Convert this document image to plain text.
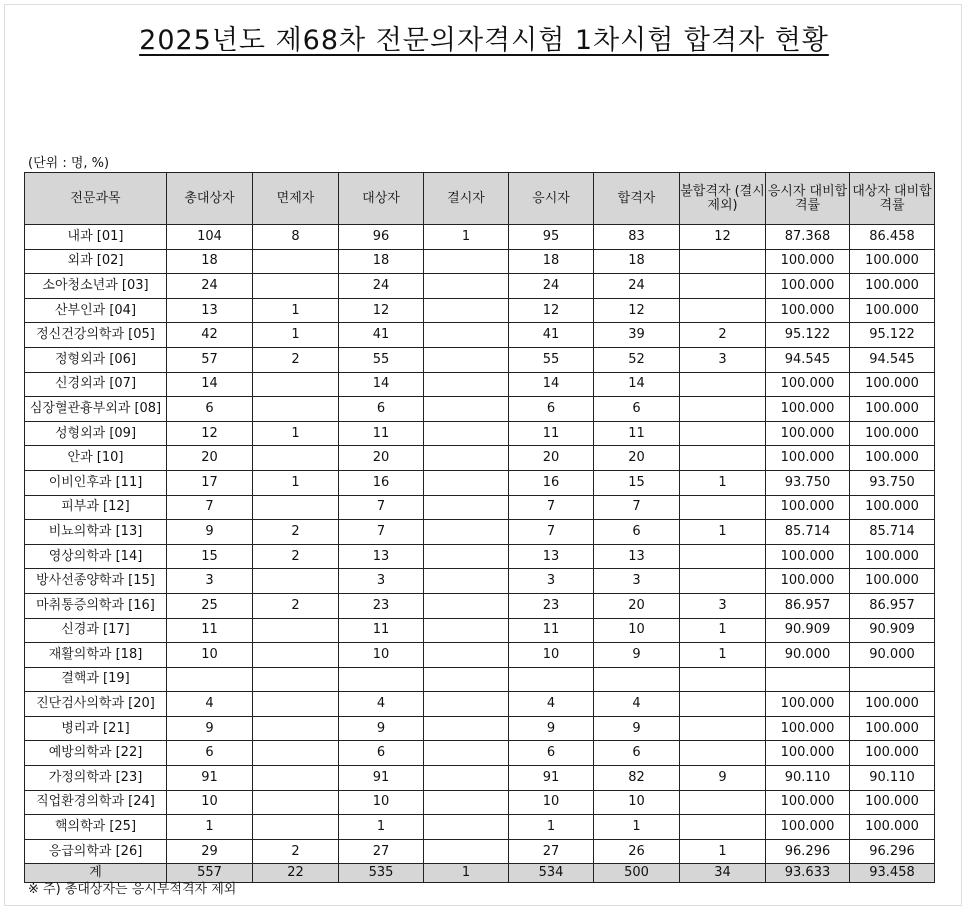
2025년도 제68차 전문의자격시험 1차시험 합격자 현황
(단위 : 명, %)
전문과목	총대상자	면제자	대상자	결시자	응시자	합격자	불합격자 (결시제외)	응시자 대비합격률	대상자 대비합격률
내과 [01]	104	8	96	1	95	83	12	87.368	86.458
외과 [02]	18		18		18	18		100.000	100.000
소아청소년과 [03]	24		24		24	24		100.000	100.000
산부인과 [04]	13	1	12		12	12		100.000	100.000
정신건강의학과 [05]	42	1	41		41	39	2	95.122	95.122
정형외과 [06]	57	2	55		55	52	3	94.545	94.545
신경외과 [07]	14		14		14	14		100.000	100.000
심장혈관흉부외과 [08]	6		6		6	6		100.000	100.000
성형외과 [09]	12	1	11		11	11		100.000	100.000
안과 [10]	20		20		20	20		100.000	100.000
이비인후과 [11]	17	1	16		16	15	1	93.750	93.750
피부과 [12]	7		7		7	7		100.000	100.000
비뇨의학과 [13]	9	2	7		7	6	1	85.714	85.714
영상의학과 [14]	15	2	13		13	13		100.000	100.000
방사선종양학과 [15]	3		3		3	3		100.000	100.000
마취통증의학과 [16]	25	2	23		23	20	3	86.957	86.957
신경과 [17]	11		11		11	10	1	90.909	90.909
재활의학과 [18]	10		10		10	9	1	90.000	90.000
결핵과 [19]									
진단검사의학과 [20]	4		4		4	4		100.000	100.000
병리과 [21]	9		9		9	9		100.000	100.000
예방의학과 [22]	6		6		6	6		100.000	100.000
가정의학과 [23]	91		91		91	82	9	90.110	90.110
직업환경의학과 [24]	10		10		10	10		100.000	100.000
핵의학과 [25]	1		1		1	1		100.000	100.000
응급의학과 [26]	29	2	27		27	26	1	96.296	96.296
계	557	22	535	1	534	500	34	93.633	93.458
※ 주) 총대상자는 응시부적격자 제외
